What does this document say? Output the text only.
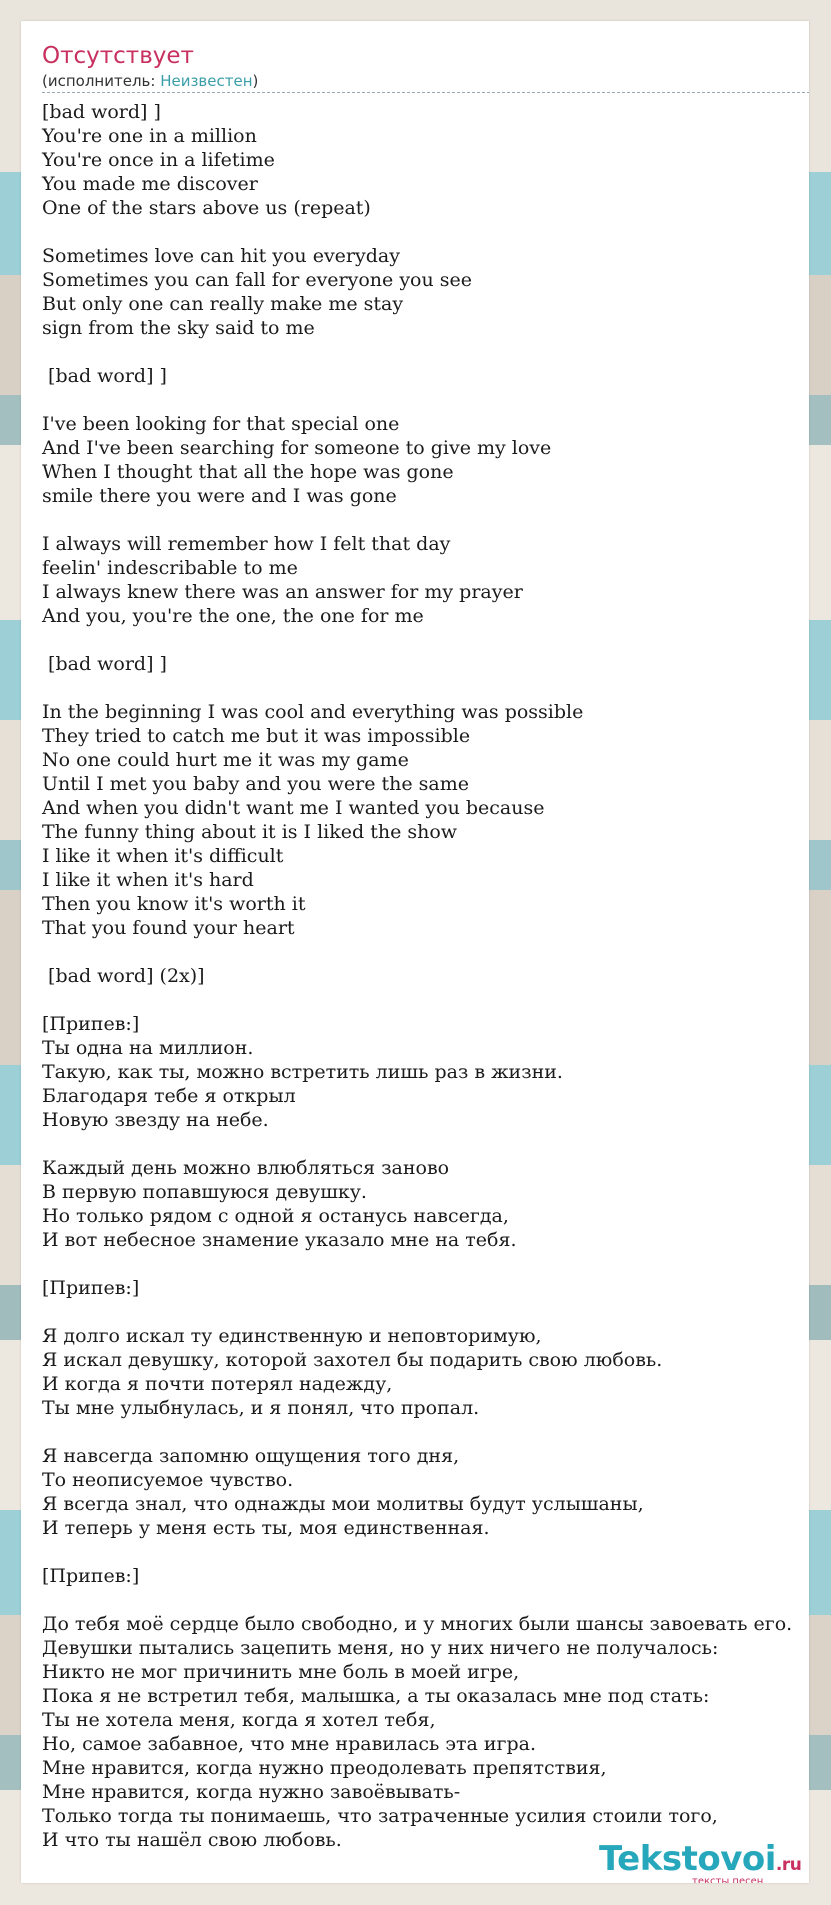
Отсутствует
(исполнитель: Неизвестен)
[bad word] ]
You're one in a million
You're once in a lifetime
You made me discover
One of the stars above us (repeat)
Sometimes love can hit you everyday
Sometimes you can fall for everyone you see
But only one can really make me stay
sign from the sky said to me
[bad word] ]
I've been looking for that special one
And I've been searching for someone to give my love
When I thought that all the hope was gone
smile there you were and I was gone
I always will remember how I felt that day
feelin' indescribable to me
I always knew there was an answer for my prayer
And you, you're the one, the one for me
[bad word] ]
In the beginning I was cool and everything was possible
They tried to catch me but it was impossible
No one could hurt me it was my game
Until I met you baby and you were the same
And when you didn't want me I wanted you because
The funny thing about it is I liked the show
I like it when it's difficult
I like it when it's hard
Then you know it's worth it
That you found your heart
[bad word] (2x)]
[Припев:]
Ты одна на миллион.
Такую, как ты, можно встретить лишь раз в жизни.
Благодаря тебе я открыл
Новую звезду на небе.
Каждый день можно влюбляться заново
В первую попавшуюся девушку.
Но только рядом с одной я останусь навсегда,
И вот небесное знамение указало мне на тебя.
[Припев:]
Я долго искал ту единственную и неповторимую,
Я искал девушку, которой захотел бы подарить свою любовь.
И когда я почти потерял надежду,
Ты мне улыбнулась, и я понял, что пропал.
Я навсегда запомню ощущения того дня,
То неописуемое чувство.
Я всегда знал, что однажды мои молитвы будут услышаны,
И теперь у меня есть ты, моя единственная.
[Припев:]
До тебя моё сердце было свободно, и у многих были шансы завоевать его.
Девушки пытались зацепить меня, но у них ничего не получалось:
Никто не мог причинить мне боль в моей игре,
Пока я не встретил тебя, малышка, а ты оказалась мне под стать:
Ты не хотела меня, когда я хотел тебя,
Но, самое забавное, что мне нравилась эта игра.
Мне нравится, когда нужно преодолевать препятствия,
Мне нравится, когда нужно завоёвывать-
Только тогда ты понимаешь, что затраченные усилия стоили того,
И что ты нашёл свою любовь.	Tekstovoi.ru
тексты песен
